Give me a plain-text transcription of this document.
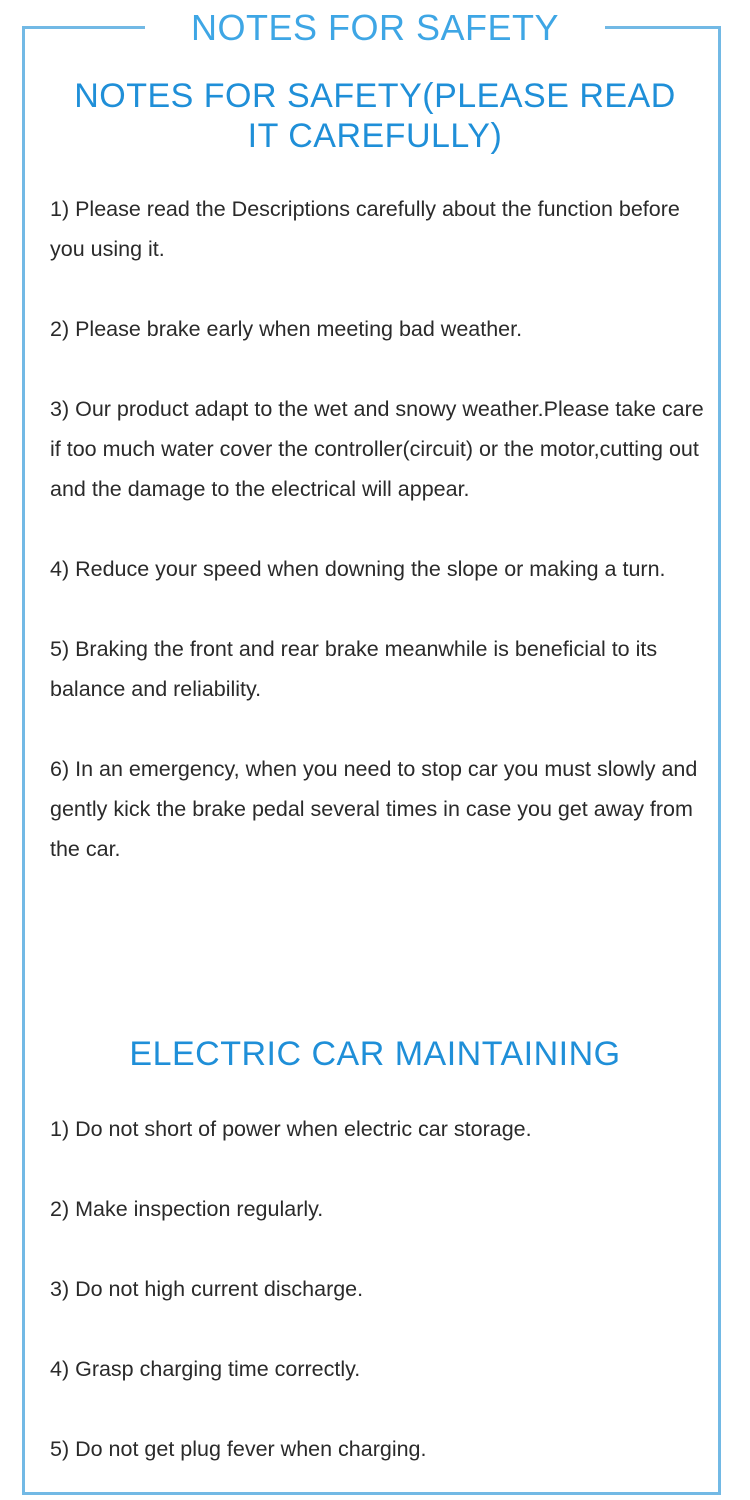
NOTES FOR SAFETY
NOTES FOR SAFETY(PLEASE READ
IT CAREFULLY)
1) Please read the Descriptions carefully about the function before you using it.
2) Please brake early when meeting bad weather.
3) Our product adapt to the wet and snowy weather.Please take care if too much water cover the controller(circuit) or the motor,cutting out and the damage to the electrical will appear.
4) Reduce your speed when downing the slope or making a turn.
5) Braking the front and rear brake meanwhile is beneficial to its balance and reliability.
6) In an emergency, when you need to stop car you must slowly and gently kick the brake pedal several times in case you get away from the car.
ELECTRIC CAR MAINTAINING
1) Do not short of power when electric car storage.
2) Make inspection regularly.
3) Do not high current discharge.
4) Grasp charging time correctly.
5) Do not get plug fever when charging.
